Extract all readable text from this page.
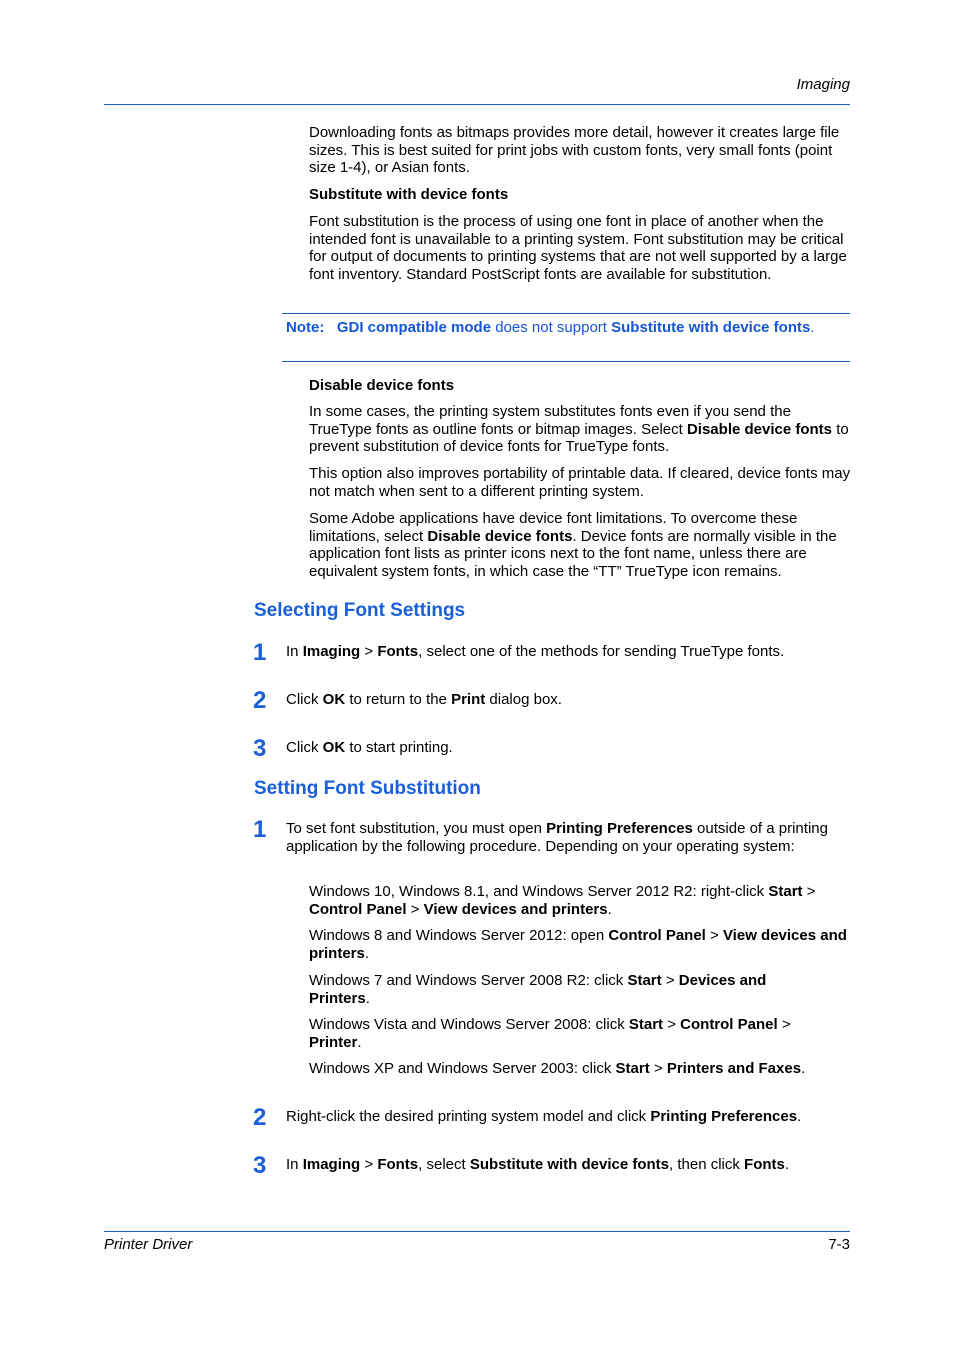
Imaging

Downloading fonts as bitmaps provides more detail, however it creates large file sizes. This is best suited for print jobs with custom fonts, very small fonts (point size 1-4), or Asian fonts.

Substitute with device fonts

Font substitution is the process of using one font in place of another when the intended font is unavailable to a printing system. Font substitution may be critical for output of documents to printing systems that are not well supported by a large font inventory. Standard PostScript fonts are available for substitution.

Note: GDI compatible mode does not support Substitute with device fonts.
Disable device fonts

In some cases, the printing system substitutes fonts even if you send the TrueType fonts as outline fonts or bitmap images. Select Disable device fonts to prevent substitution of device fonts for TrueType fonts.

This option also improves portability of printable data. If cleared, device fonts may not match when sent to a different printing system.

Some Adobe applications have device font limitations. To overcome these limitations, select Disable device fonts. Device fonts are normally visible in the application font lists as printer icons next to the font name, unless there are equivalent system fonts, in which case the “TT” TrueType icon remains.

Selecting Font Settings
1	In Imaging > Fonts, select one of the methods for sending TrueType fonts.

2	Click OK to return to the Print dialog box.

3	Click OK to start printing.

Setting Font Substitution
1	To set font substitution, you must open Printing Preferences outside of a printing application by the following procedure. Depending on your operating system:

Windows 10, Windows 8.1, and Windows Server 2012 R2: right-click Start > Control Panel > View devices and printers.

Windows 8 and Windows Server 2012: open Control Panel > View devices and printers.

Windows 7 and Windows Server 2008 R2: click Start > Devices and Printers.

Windows Vista and Windows Server 2008: click Start > Control Panel > Printer.

Windows XP and Windows Server 2003: click Start > Printers and Faxes.

2	Right-click the desired printing system model and click Printing Preferences.

3	In Imaging > Fonts, select Substitute with device fonts, then click Fonts.

Printer Driver	7-3
